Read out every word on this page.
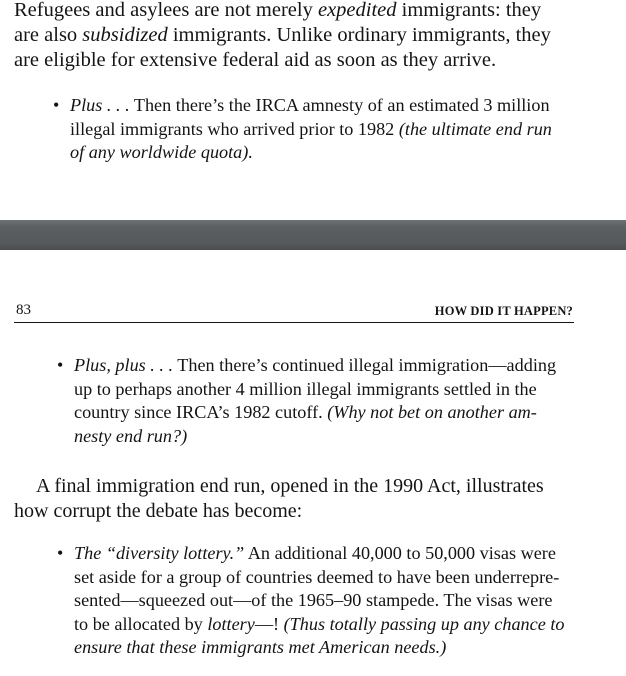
Refugees and asylees are not merely expedited immigrants: they
are also subsidized immigrants. Unlike ordinary immigrants, they
are eligible for extensive federal aid as soon as they arrive.

• Plus . . . Then there’s the IRCA amnesty of an estimated 3 million
illegal immigrants who arrived prior to 1982 (the ultimate end run
of any worldwide quota).
83	HOW DID IT HAPPEN?
• Plus, plus . . . Then there’s continued illegal immigration—adding
up to perhaps another 4 million illegal immigrants settled in the
country since IRCA’s 1982 cutoff. (Why not bet on another am-
nesty end run?)

A final immigration end run, opened in the 1990 Act, illustrates
how corrupt the debate has become:

• The “diversity lottery.” An additional 40,000 to 50,000 visas were
set aside for a group of countries deemed to have been underrepre-
sented—squeezed out—of the 1965–90 stampede. The visas were
to be allocated by lottery—! (Thus totally passing up any chance to
ensure that these immigrants met American needs.)
